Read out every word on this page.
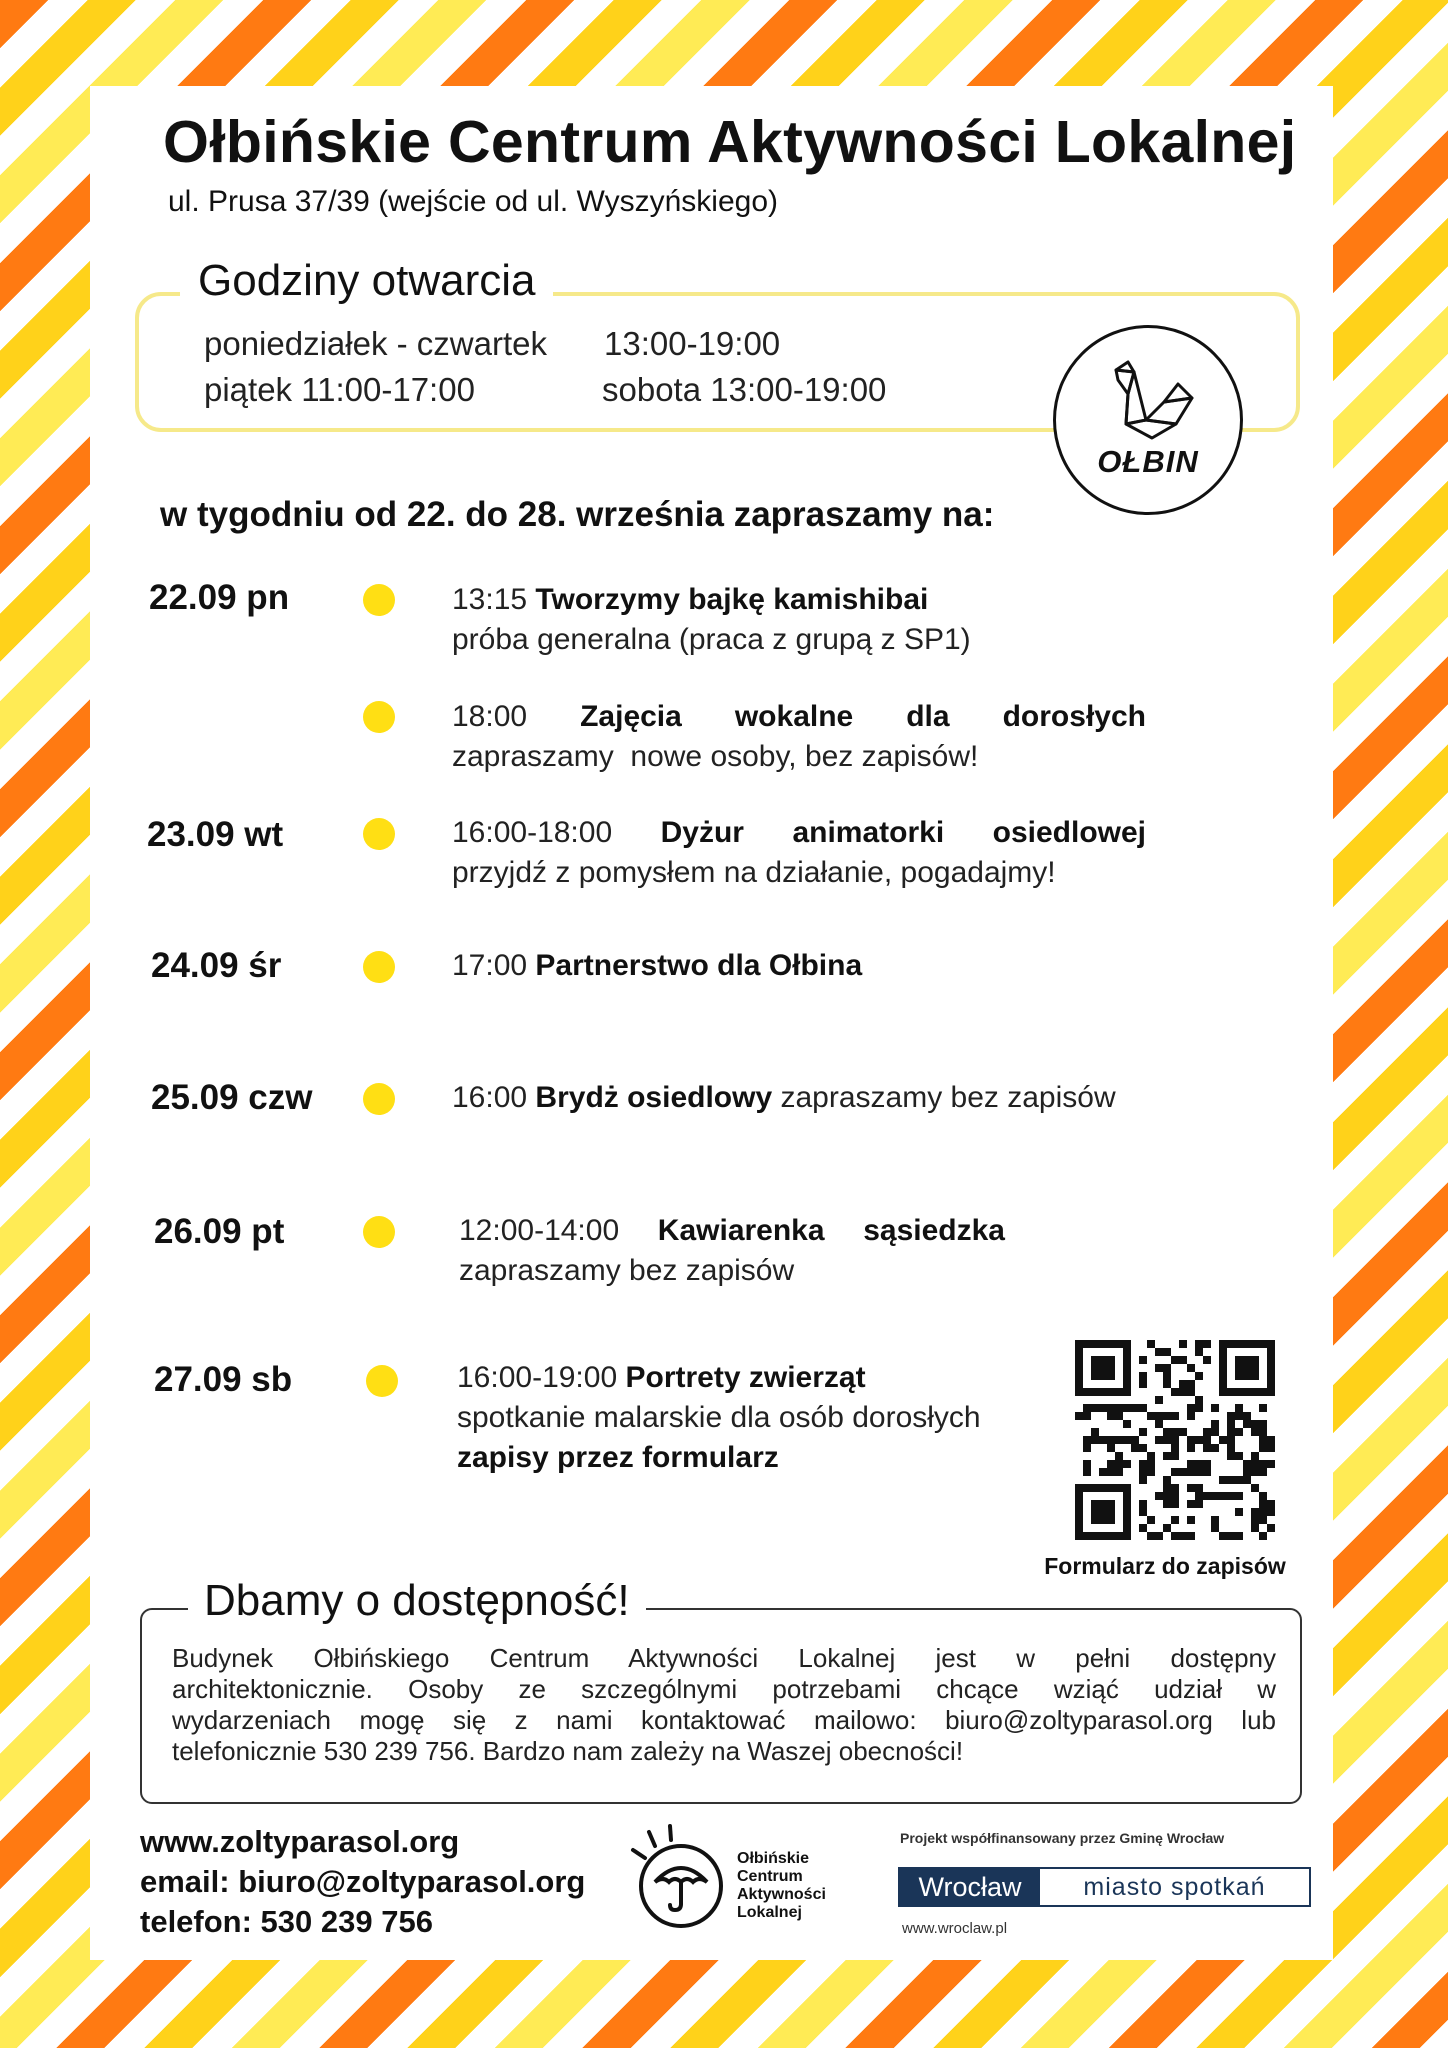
Ołbińskie Centrum Aktywności Lokalnej
ul. Prusa 37/39 (wejście od ul. Wyszyńskiego)
Godziny otwarcia
poniedziałek - czwartek 13:00-19:00
piątek 11:00-17:00	sobota 13:00-19:00
OŁBIN
w tygodniu od 22. do 28. września zapraszamy na:
22.09 pn	13:15 Tworzymy bajkę kamishibai
próba generalna (praca z grupą z SP1)
18:00 Zajęcia wokalne dla dorosłych
zapraszamy  nowe osoby, bez zapisów!
23.09 wt	16:00-18:00 Dyżur animatorki osiedlowej
przyjdź z pomysłem na działanie, pogadajmy!
24.09 śr	17:00 Partnerstwo dla Ołbina
25.09 czw	16:00 Brydż osiedlowy zapraszamy bez zapisów
26.09 pt	12:00-14:00 Kawiarenka sąsiedzka
zapraszamy bez zapisów
27.09 sb	16:00-19:00 Portrety zwierząt
spotkanie malarskie dla osób dorosłych
zapisy przez formularz
Formularz do zapisów
Dbamy o dostępność!
Budynek Ołbińskiego Centrum Aktywności Lokalnej jest w pełni dostępny
architektonicznie. Osoby ze szczególnymi potrzebami chcące wziąć udział w
wydarzeniach mogę się z nami kontaktować mailowo: biuro@zoltyparasol.org lub
telefonicznie 530 239 756. Bardzo nam zależy na Waszej obecności!
www.zoltyparasol.org
email: biuro@zoltyparasol.org
telefon: 530 239 756
Ołbińskie
Centrum
Aktywności
Lokalnej
Projekt współfinansowany przez Gminę Wrocław
Wrocław	miasto spotkań
www.wroclaw.pl
